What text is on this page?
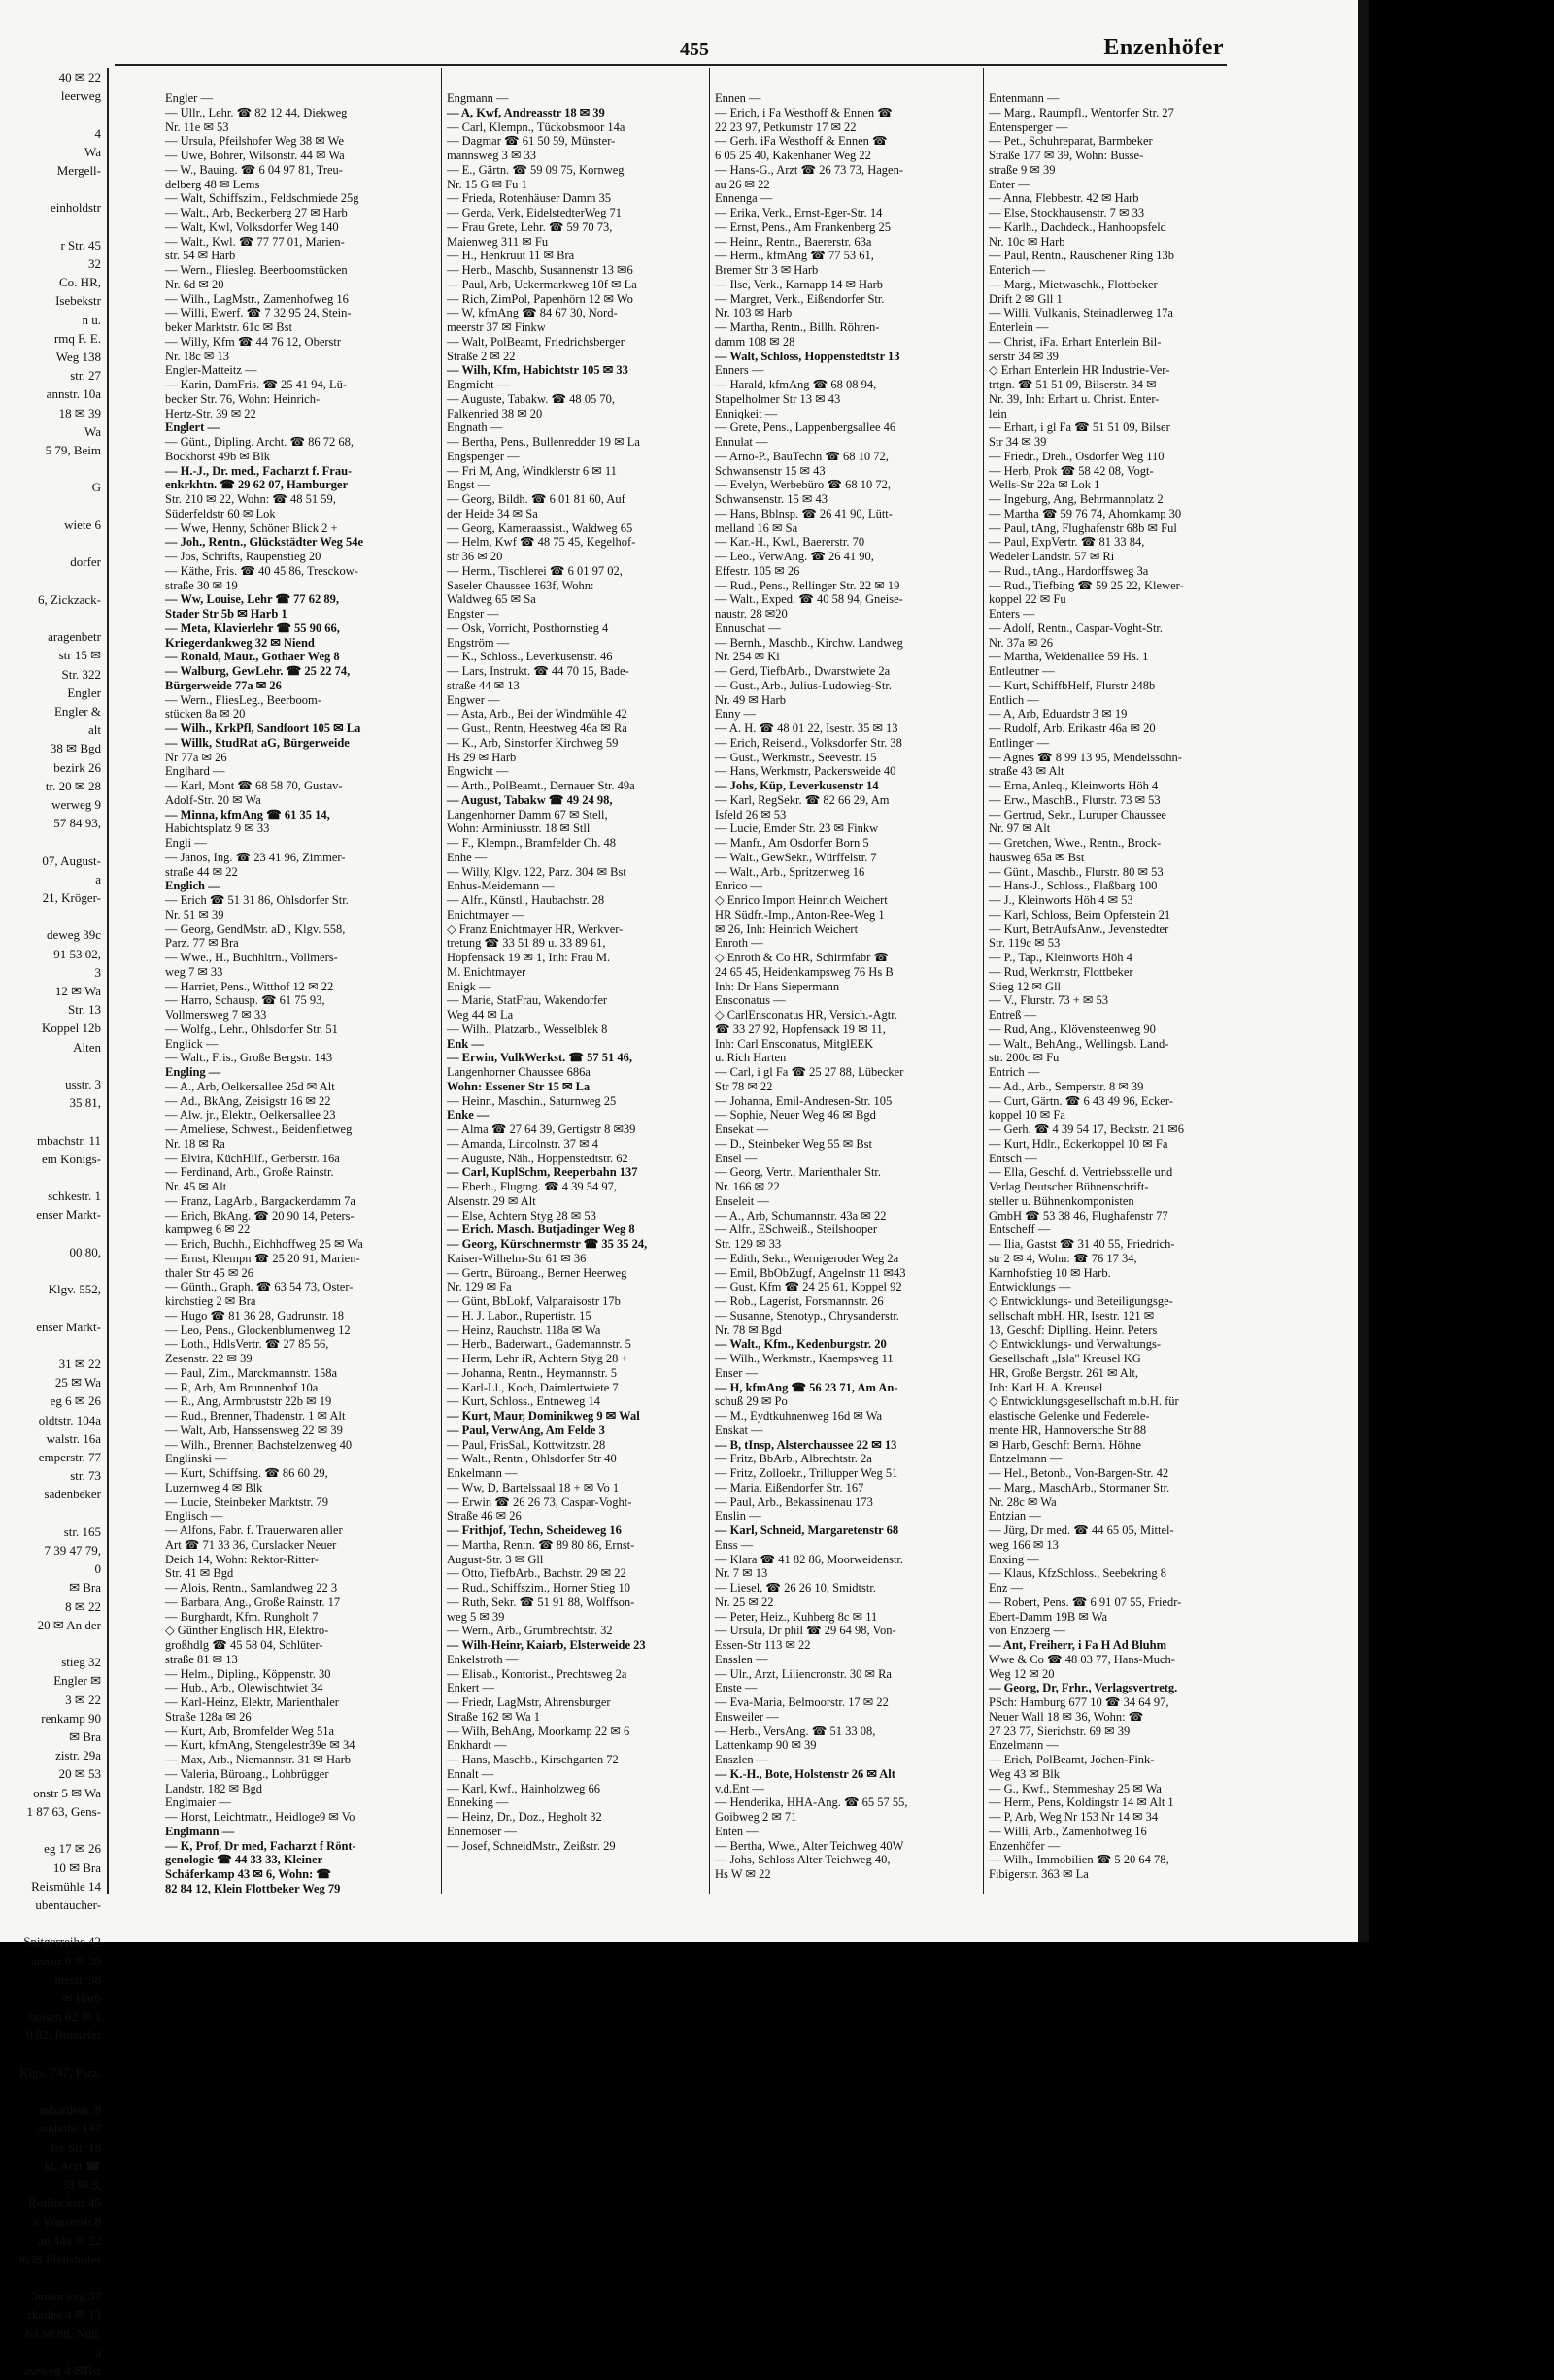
455	Enzenhöfer
40 ✉ 22
leerweg

4
Wa
Mergell-

einholdstr

r Str. 45
32
Co. HR,
Isebekstr
n u.
rmq F. E.
Weg 138
str. 27
annstr. 10a
18 ✉ 39
Wa
5 79, Beim

G

wiete 6

dorfer

6, Zickzack-

aragenbetr
str 15 ✉
Str. 322
Engler
Engler &
alt
38 ✉ Bgd
bezirk 26
tr. 20 ✉ 28
werweg 9
57 84 93,

07, August-
a
21, Kröger-

deweg 39c
91 53 02,
3
12 ✉ Wa
Str. 13
Koppel 12b
Alten

usstr. 3
35 81,

mbachstr. 11
em Königs-

schkestr. 1
enser Markt-

00 80,

Klgv. 552,

enser Markt-

31 ✉ 22
25 ✉ Wa
eg 6 ✉ 26
oldtstr. 104a
walstr. 16a
emperstr. 77
str. 73
sadenbeker

str. 165
7 39 47 79,
0
✉ Bra
8 ✉ 22
20 ✉ An der

stieg 32
Engler ✉
3 ✉ 22
renkamp 90
✉ Bra
zistr. 29a
20 ✉ 53
onstr 5 ✉ Wa
1 87 63, Gens-

eg 17 ✉ 26
10 ✉ Bra
Reismühle 14
ubentaucher-

Snitgerreihe 42
annstr 8 ✉ 39
mestr. 38
✉ Harb
boisen 62 ✉ 1
0 82, Borsteler

Klgv. 747, Parz.

nshardtstr. 8
senhöhe 147
fer Str. 18
kt. Arzt ☎
33 ✉ 3,
Rolfinckstr 45
r. Wasserstr.8
au 44a ✉ 22
36 ✉ Pfeilshofer

3moorweg 37
rkallee 4 ✉ 13
63 58 88, Nüß,
a
aseweg 4 ✉Bst
Engler —
— Ullr., Lehr. ☎ 82 12 44, Diekweg
Nr. 11e ✉ 53
— Ursula, Pfeilshofer Weg 38 ✉ We
— Uwe, Bohrer, Wilsonstr. 44 ✉ Wa
— W., Bauing. ☎ 6 04 97 81, Treu-
delberg 48 ✉ Lems
— Walt, Schiffszim., Feldschmiede 25g
— Walt., Arb, Beckerberg 27 ✉ Harb
— Walt, Kwl, Volksdorfer Weg 140
— Walt., Kwl. ☎ 77 77 01, Marien-
str. 54 ✉ Harb
— Wern., Fliesleg. Beerboomstücken
Nr. 6d ✉ 20
— Wilh., LagMstr., Zamenhofweg 16
— Willi, Ewerf. ☎ 7 32 95 24, Stein-
beker Marktstr. 61c ✉ Bst
— Willy, Kfm ☎ 44 76 12, Oberstr
Nr. 18c ✉ 13
Engler-Matteitz —
— Karin, DamFris. ☎ 25 41 94, Lü-
becker Str. 76, Wohn: Heinrich-
Hertz-Str. 39 ✉ 22
Englert —
— Günt., Dipling. Archt. ☎ 86 72 68,
Bockhorst 49b ✉ Blk
— H.-J., Dr. med., Facharzt f. Frau-
enkrkhtn. ☎ 29 62 07, Hamburger
Str. 210 ✉ 22, Wohn: ☎ 48 51 59,
Süderfeldstr 60 ✉ Lok
— Wwe, Henny, Schöner Blick 2 +
— Joh., Rentn., Glückstädter Weg 54e
— Jos, Schrifts, Raupenstieg 20
— Käthe, Fris. ☎ 40 45 86, Tresckow-
straße 30 ✉ 19
— Ww, Louise, Lehr ☎ 77 62 89,
Stader Str 5b ✉ Harb 1
— Meta, Klavierlehr ☎ 55 90 66,
Kriegerdankweg 32 ✉ Niend
— Ronald, Maur., Gothaer Weg 8
— Walburg, GewLehr. ☎ 25 22 74,
Bürgerweide 77a ✉ 26
— Wern., FliesLeg., Beerboom-
stücken 8a ✉ 20
— Wilh., KrkPfl, Sandfoort 105 ✉ La
— Willk, StudRat aG, Bürgerweide
Nr 77a ✉ 26
Englhard —
— Karl, Mont ☎ 68 58 70, Gustav-
Adolf-Str. 20 ✉ Wa
— Minna, kfmAng ☎ 61 35 14,
Habichtsplatz 9 ✉ 33
Engli —
— Janos, Ing. ☎ 23 41 96, Zimmer-
straße 44 ✉ 22
Englich —
— Erich ☎ 51 31 86, Ohlsdorfer Str.
Nr. 51 ✉ 39
— Georg, GendMstr. aD., Klgv. 558,
Parz. 77 ✉ Bra
— Wwe., H., Buchhltrn., Vollmers-
weg 7 ✉ 33
— Harriet, Pens., Witthof 12 ✉ 22
— Harro, Schausp. ☎ 61 75 93,
Vollmersweg 7 ✉ 33
— Wolfg., Lehr., Ohlsdorfer Str. 51
Englick —
— Walt., Fris., Große Bergstr. 143
Engling —
— A., Arb, Oelkersallee 25d ✉ Alt
— Ad., BkAng, Zeisigstr 16 ✉ 22
— Alw. jr., Elektr., Oelkersallee 23
— Ameliese, Schwest., Beidenfletweg
Nr. 18 ✉ Ra
— Elvira, KüchHilf., Gerberstr. 16a
— Ferdinand, Arb., Große Rainstr.
Nr. 45 ✉ Alt
— Franz, LagArb., Bargackerdamm 7a
— Erich, BkAng. ☎ 20 90 14, Peters-
kampweg 6 ✉ 22
— Erich, Buchh., Eichhoffweg 25 ✉ Wa
— Ernst, Klempn ☎ 25 20 91, Marien-
thaler Str 45 ✉ 26
— Günth., Graph. ☎ 63 54 73, Oster-
kirchstieg 2 ✉ Bra
— Hugo ☎ 81 36 28, Gudrunstr. 18
— Leo, Pens., Glockenblumenweg 12
— Loth., HdlsVertr. ☎ 27 85 56,
Zesenstr. 22 ✉ 39
— Paul, Zim., Marckmannstr. 158a
— R, Arb, Am Brunnenhof 10a
— R., Ang, Armbruststr 22b ✉ 19
— Rud., Brenner, Thadenstr. 1 ✉ Alt
— Walt, Arb, Hanssensweg 22 ✉ 39
— Wilh., Brenner, Bachstelzenweg 40
Englinski —
— Kurt, Schiffsing. ☎ 86 60 29,
Luzernweg 4 ✉ Blk
— Lucie, Steinbeker Marktstr. 79
Englisch —
— Alfons, Fabr. f. Trauerwaren aller
Art ☎ 71 33 36, Curslacker Neuer
Deich 14, Wohn: Rektor-Ritter-
Str. 41 ✉ Bgd
— Alois, Rentn., Samlandweg 22 3
— Barbara, Ang., Große Rainstr. 17
— Burghardt, Kfm. Rungholt 7
◇ Günther Englisch HR, Elektro-
großhdlg ☎ 45 58 04, Schlüter-
straße 81 ✉ 13
— Helm., Dipling., Köppenstr. 30
— Hub., Arb., Olewischtwiet 34
— Karl-Heinz, Elektr, Marienthaler
Straße 128a ✉ 26
— Kurt, Arb, Bromfelder Weg 51a
— Kurt, kfmAng, Stengelestr39e ✉ 34
— Max, Arb., Niemannstr. 31 ✉ Harb
— Valeria, Büroang., Lohbrügger
Landstr. 182 ✉ Bgd
Englmaier —
— Horst, Leichtmatr., Heidloge9 ✉ Vo
Englmann —
— K, Prof, Dr med, Facharzt f Rönt-
genologie ☎ 44 33 33, Kleiner
Schäferkamp 43 ✉ 6, Wohn: ☎
82 84 12, Klein Flottbeker Weg 79
Engmann —
— A, Kwf, Andreasstr 18 ✉ 39
— Carl, Klempn., Tückobsmoor 14a
— Dagmar ☎ 61 50 59, Münster-
mannsweg 3 ✉ 33
— E., Gärtn. ☎ 59 09 75, Kornweg
Nr. 15 G ✉ Fu 1
— Frieda, Rotenhäuser Damm 35
— Gerda, Verk, EidelstedterWeg 71
— Frau Grete, Lehr. ☎ 59 70 73,
Maienweg 311 ✉ Fu
— H., Henkruut 11 ✉ Bra
— Herb., Maschb, Susannenstr 13 ✉6
— Paul, Arb, Uckermarkweg 10f ✉ La
— Rich, ZimPol, Papenhörn 12 ✉ Wo
— W, kfmAng ☎ 84 67 30, Nord-
meerstr 37 ✉ Finkw
— Walt, PolBeamt, Friedrichsberger
Straße 2 ✉ 22
— Wilh, Kfm, Habichtstr 105 ✉ 33
Engmicht —
— Auguste, Tabakw. ☎ 48 05 70,
Falkenried 38 ✉ 20
Engnath —
— Bertha, Pens., Bullenredder 19 ✉ La
Engspenger —
— Fri M, Ang, Windklerstr 6 ✉ 11
Engst —
— Georg, Bildh. ☎ 6 01 81 60, Auf
der Heide 34 ✉ Sa
— Georg, Kameraassist., Waldweg 65
— Helm, Kwf ☎ 48 75 45, Kegelhof-
str 36 ✉ 20
— Herm., Tischlerei ☎ 6 01 97 02,
Saseler Chaussee 163f, Wohn:
Waldweg 65 ✉ Sa
Engster —
— Osk, Vorricht, Posthornstieg 4
Engström —
— K., Schloss., Leverkusenstr. 46
— Lars, Instrukt. ☎ 44 70 15, Bade-
straße 44 ✉ 13
Engwer —
— Asta, Arb., Bei der Windmühle 42
— Gust., Rentn, Heestweg 46a ✉ Ra
— K., Arb, Sinstorfer Kirchweg 59
Hs 29 ✉ Harb
Engwicht —
— Arth., PolBeamt., Dernauer Str. 49a
— August, Tabakw ☎ 49 24 98,
Langenhorner Damm 67 ✉ Stell,
Wohn: Arminiusstr. 18 ✉ Stll
— F., Klempn., Bramfelder Ch. 48
Enhe —
— Willy, Klgv. 122, Parz. 304 ✉ Bst
Enhus-Meidemann —
— Alfr., Künstl., Haubachstr. 28
Enichtmayer —
◇ Franz Enichtmayer HR, Werkver-
tretung ☎ 33 51 89 u. 33 89 61,
Hopfensack 19 ✉ 1, Inh: Frau M.
M. Enichtmayer
Enigk —
— Marie, StatFrau, Wakendorfer
Weg 44 ✉ La
— Wilh., Platzarb., Wesselblek 8
Enk —
— Erwin, VulkWerkst. ☎ 57 51 46,
Langenhorner Chaussee 686a
Wohn: Essener Str 15 ✉ La
— Heinr., Maschin., Saturnweg 25
Enke —
— Alma ☎ 27 64 39, Gertigstr 8 ✉39
— Amanda, Lincolnstr. 37 ✉ 4
— Auguste, Näh., Hoppenstedtstr. 62
— Carl, KuplSchm, Reeperbahn 137
— Eberh., Flugtng. ☎ 4 39 54 97,
Alsenstr. 29 ✉ Alt
— Else, Achtern Styg 28 ✉ 53
— Erich. Masch. Butjadinger Weg 8
— Georg, Kürschnermstr ☎ 35 35 24,
Kaiser-Wilhelm-Str 61 ✉ 36
— Gertr., Büroang., Berner Heerweg
Nr. 129 ✉ Fa
— Günt, BbLokf, Valparaisostr 17b
— H. J. Labor., Rupertistr. 15
— Heinz, Rauchstr. 118a ✉ Wa
— Herb., Baderwart., Gademannstr. 5
— Herm, Lehr iR, Achtern Styg 28 +
— Johanna, Rentn., Heymannstr. 5
— Karl-Ll., Koch, Daimlertwiete 7
— Kurt, Schloss., Entneweg 14
— Kurt, Maur, Dominikweg 9 ✉ Wal
— Paul, VerwAng, Am Felde 3
— Paul, FrisSal., Kottwitzstr. 28
— Walt., Rentn., Ohlsdorfer Str 40
Enkelmann —
— Ww, D, Bartelssaal 18 + ✉ Vo 1
— Erwin ☎ 26 26 73, Caspar-Voght-
Straße 46 ✉ 26
— Frithjof, Techn, Scheideweg 16
— Martha, Rentn. ☎ 89 80 86, Ernst-
August-Str. 3 ✉ Gll
— Otto, TiefbArb., Bachstr. 29 ✉ 22
— Rud., Schiffszim., Horner Stieg 10
— Ruth, Sekr. ☎ 51 91 88, Wolffson-
weg 5 ✉ 39
— Wern., Arb., Grumbrechtstr. 32
— Wilh-Heinr, Kaiarb, Elsterweide 23
Enkelstroth —
— Elisab., Kontorist., Prechtsweg 2a
Enkert —
— Friedr, LagMstr, Ahrensburger
Straße 162 ✉ Wa 1
— Wilh, BehAng, Moorkamp 22 ✉ 6
Enkhardt —
— Hans, Maschb., Kirschgarten 72
Ennalt —
— Karl, Kwf., Hainholzweg 66
Enneking —
— Heinz, Dr., Doz., Hegholt 32
Ennemoser —
— Josef, SchneidMstr., Zeißstr. 29
Ennen —
— Erich, i Fa Westhoff & Ennen ☎
22 23 97, Petkumstr 17 ✉ 22
— Gerh. iFa Westhoff & Ennen ☎
6 05 25 40, Kakenhaner Weg 22
— Hans-G., Arzt ☎ 26 73 73, Hagen-
au 26 ✉ 22
Ennenga —
— Erika, Verk., Ernst-Eger-Str. 14
— Ernst, Pens., Am Frankenberg 25
— Heinr., Rentn., Baererstr. 63a
— Herm., kfmAng ☎ 77 53 61,
Bremer Str 3 ✉ Harb
— Ilse, Verk., Karnapp 14 ✉ Harb
— Margret, Verk., Eißendorfer Str.
Nr. 103 ✉ Harb
— Martha, Rentn., Billh. Röhren-
damm 108 ✉ 28
— Walt, Schloss, Hoppenstedtstr 13
Enners —
— Harald, kfmAng ☎ 68 08 94,
Stapelholmer Str 13 ✉ 43
Enniqkeit —
— Grete, Pens., Lappenbergsallee 46
Ennulat —
— Arno-P., BauTechn ☎ 68 10 72,
Schwansenstr 15 ✉ 43
— Evelyn, Werbebüro ☎ 68 10 72,
Schwansenstr. 15 ✉ 43
— Hans, Bblnsp. ☎ 26 41 90, Lütt-
melland 16 ✉ Sa
— Kar.-H., Kwl., Baererstr. 70
— Leo., VerwAng. ☎ 26 41 90,
Effestr. 105 ✉ 26
— Rud., Pens., Rellinger Str. 22 ✉ 19
— Walt., Exped. ☎ 40 58 94, Gneise-
naustr. 28 ✉20
Ennuschat —
— Bernh., Maschb., Kirchw. Landweg
Nr. 254 ✉ Ki
— Gerd, TiefbArb., Dwarstwiete 2a
— Gust., Arb., Julius-Ludowieg-Str.
Nr. 49 ✉ Harb
Enny —
— A. H. ☎ 48 01 22, Isestr. 35 ✉ 13
— Erich, Reisend., Volksdorfer Str. 38
— Gust., Werkmstr., Seevestr. 15
— Hans, Werkmstr, Packersweide 40
— Johs, Küp, Leverkusenstr 14
— Karl, RegSekr. ☎ 82 66 29, Am
Isfeld 26 ✉ 53
— Lucie, Emder Str. 23 ✉ Finkw
— Manfr., Am Osdorfer Born 5
— Walt., GewSekr., Würffelstr. 7
— Walt., Arb., Spritzenweg 16
Enrico —
◇ Enrico Import Heinrich Weichert
HR Südfr.-Imp., Anton-Ree-Weg 1
✉ 26, Inh: Heinrich Weichert
Enroth —
◇ Enroth & Co HR, Schirmfabr ☎
24 65 45, Heidenkampsweg 76 Hs B
Inh: Dr Hans Siepermann
Ensconatus —
◇ CarlEnsconatus HR, Versich.-Agtr.
☎ 33 27 92, Hopfensack 19 ✉ 11,
Inh: Carl Ensconatus, MitglEEK
u. Rich Harten
— Carl, i gl Fa ☎ 25 27 88, Lübecker
Str 78 ✉ 22
— Johanna, Emil-Andresen-Str. 105
— Sophie, Neuer Weg 46 ✉ Bgd
Ensekat —
— D., Steinbeker Weg 55 ✉ Bst
Ensel —
— Georg, Vertr., Marienthaler Str.
Nr. 166 ✉ 22
Enseleit —
— A., Arb, Schumannstr. 43a ✉ 22
— Alfr., ESchweiß., Steilshooper
Str. 129 ✉ 33
— Edith, Sekr., Wernigeroder Weg 2a
— Emil, BbObZugf, Angelnstr 11 ✉43
— Gust, Kfm ☎ 24 25 61, Koppel 92
— Rob., Lagerist, Forsmannstr. 26
— Susanne, Stenotyp., Chrysanderstr.
Nr. 78 ✉ Bgd
— Walt., Kfm., Kedenburgstr. 20
— Wilh., Werkmstr., Kaempsweg 11
Enser —
— H, kfmAng ☎ 56 23 71, Am An-
schuß 29 ✉ Po
— M., Eydtkuhnenweg 16d ✉ Wa
Enskat —
— B, tInsp, Alsterchaussee 22 ✉ 13
— Fritz, BbArb., Albrechtstr. 2a
— Fritz, Zolloekr., Trillupper Weg 51
— Maria, Eißendorfer Str. 167
— Paul, Arb., Bekassinenau 173
Enslin —
— Karl, Schneid, Margaretenstr 68
Enss —
— Klara ☎ 41 82 86, Moorweidenstr.
Nr. 7 ✉ 13
— Liesel, ☎ 26 26 10, Smidtstr.
Nr. 25 ✉ 22
— Peter, Heiz., Kuhberg 8c ✉ 11
— Ursula, Dr phil ☎ 29 64 98, Von-
Essen-Str 113 ✉ 22
Ensslen —
— Ulr., Arzt, Liliencronstr. 30 ✉ Ra
Enste —
— Eva-Maria, Belmoorstr. 17 ✉ 22
Ensweiler —
— Herb., VersAng. ☎ 51 33 08,
Lattenkamp 90 ✉ 39
Enszlen —
— K.-H., Bote, Holstenstr 26 ✉ Alt
v.d.Ent —
— Henderika, HHA-Ang. ☎ 65 57 55,
Goibweg 2 ✉ 71
Enten —
— Bertha, Wwe., Alter Teichweg 40W
— Johs, Schloss Alter Teichweg 40,
Hs W ✉ 22
Entenmann —
— Marg., Raumpfl., Wentorfer Str. 27
Entensperger —
— Pet., Schuhreparat, Barmbeker
Straße 177 ✉ 39, Wohn: Busse-
straße 9 ✉ 39
Enter —
— Anna, Flebbestr. 42 ✉ Harb
— Else, Stockhausenstr. 7 ✉ 33
— Karlh., Dachdeck., Hanhoopsfeld
Nr. 10c ✉ Harb
— Paul, Rentn., Rauschener Ring 13b
Enterich —
— Marg., Mietwaschk., Flottbeker
Drift 2 ✉ Gll 1
— Willi, Vulkanis, Steinadlerweg 17a
Enterlein —
— Christ, iFa. Erhart Enterlein Bil-
serstr 34 ✉ 39
◇ Erhart Enterlein HR Industrie-Ver-
trtgn. ☎ 51 51 09, Bilserstr. 34 ✉
Nr. 39, Inh: Erhart u. Christ. Enter-
lein
— Erhart, i gl Fa ☎ 51 51 09, Bilser
Str 34 ✉ 39
— Friedr., Dreh., Osdorfer Weg 110
— Herb, Prok ☎ 58 42 08, Vogt-
Wells-Str 22a ✉ Lok 1
— Ingeburg, Ang, Behrmannplatz 2
— Martha ☎ 59 76 74, Ahornkamp 30
— Paul, tAng, Flughafenstr 68b ✉ Ful
— Paul, ExpVertr. ☎ 81 33 84,
Wedeler Landstr. 57 ✉ Ri
— Rud., tAng., Hardorffsweg 3a
— Rud., Tiefbing ☎ 59 25 22, Klewer-
koppel 22 ✉ Fu
Enters —
— Adolf, Rentn., Caspar-Voght-Str.
Nr. 37a ✉ 26
— Martha, Weidenallee 59 Hs. 1
Entleutner —
— Kurt, SchiffbHelf, Flurstr 248b
Entlich —
— A, Arb, Eduardstr 3 ✉ 19
— Rudolf, Arb. Erikastr 46a ✉ 20
Entlinger —
— Agnes ☎ 8 99 13 95, Mendelssohn-
straße 43 ✉ Alt
— Erna, Anleq., Kleinworts Höh 4
— Erw., MaschB., Flurstr. 73 ✉ 53
— Gertrud, Sekr., Luruper Chaussee
Nr. 97 ✉ Alt
— Gretchen, Wwe., Rentn., Brock-
hausweg 65a ✉ Bst
— Günt., Maschb., Flurstr. 80 ✉ 53
— Hans-J., Schloss., Flaßbarg 100
— J., Kleinworts Höh 4 ✉ 53
— Karl, Schloss, Beim Opferstein 21
— Kurt, BetrAufsAnw., Jevenstedter
Str. 119c ✉ 53
— P., Tap., Kleinworts Höh 4
— Rud, Werkmstr, Flottbeker
Stieg 12 ✉ Gll
— V., Flurstr. 73 + ✉ 53
Entreß —
— Rud, Ang., Klövensteenweg 90
— Walt., BehAng., Wellingsb. Land-
str. 200c ✉ Fu
Entrich —
— Ad., Arb., Semperstr. 8 ✉ 39
— Curt, Gärtn. ☎ 6 43 49 96, Ecker-
koppel 10 ✉ Fa
— Gerh. ☎ 4 39 54 17, Beckstr. 21 ✉6
— Kurt, Hdlr., Eckerkoppel 10 ✉ Fa
Entsch —
— Ella, Geschf. d. Vertriebsstelle und
Verlag Deutscher Bühnenschrift-
steller u. Bühnenkomponisten
GmbH ☎ 53 38 46, Flughafenstr 77
Entscheff —
— Ilia, Gastst ☎ 31 40 55, Friedrich-
str 2 ✉ 4, Wohn: ☎ 76 17 34,
Karnhofstieg 10 ✉ Harb.
Entwicklungs —
◇ Entwicklungs- und Beteiligungsge-
sellschaft mbH. HR, Isestr. 121 ✉
13, Geschf: Diplling. Heinr. Peters
◇ Entwicklungs- und Verwaltungs-
Gesellschaft „Isla" Kreusel KG
HR, Große Bergstr. 261 ✉ Alt,
Inh: Karl H. A. Kreusel
◇ Entwicklungsgesellschaft m.b.H. für
elastische Gelenke und Federele-
mente HR, Hannoversche Str 88
✉ Harb, Geschf: Bernh. Höhne
Entzelmann —
— Hel., Betonb., Von-Bargen-Str. 42
— Marg., MaschArb., Stormaner Str.
Nr. 28c ✉ Wa
Entzian —
— Jürg, Dr med. ☎ 44 65 05, Mittel-
weg 166 ✉ 13
Enxing —
— Klaus, KfzSchloss., Seebekring 8
Enz —
— Robert, Pens. ☎ 6 91 07 55, Friedr-
Ebert-Damm 19B ✉ Wa
von Enzberg —
— Ant, Freiherr, i Fa H Ad Bluhm
Wwe & Co ☎ 48 03 77, Hans-Much-
Weg 12 ✉ 20
— Georg, Dr, Frhr., Verlagsvertretg.
PSch: Hamburg 677 10 ☎ 34 64 97,
Neuer Wall 18 ✉ 36, Wohn: ☎
27 23 77, Sierichstr. 69 ✉ 39
Enzelmann —
— Erich, PolBeamt, Jochen-Fink-
Weg 43 ✉ Blk
— G., Kwf., Stemmeshay 25 ✉ Wa
— Herm, Pens, Koldingstr 14 ✉ Alt 1
— P, Arb, Weg Nr 153 Nr 14 ✉ 34
— Willi, Arb., Zamenhofweg 16
Enzenhöfer —
— Wilh., Immobilien ☎ 5 20 64 78,
Fibigerstr. 363 ✉ La
